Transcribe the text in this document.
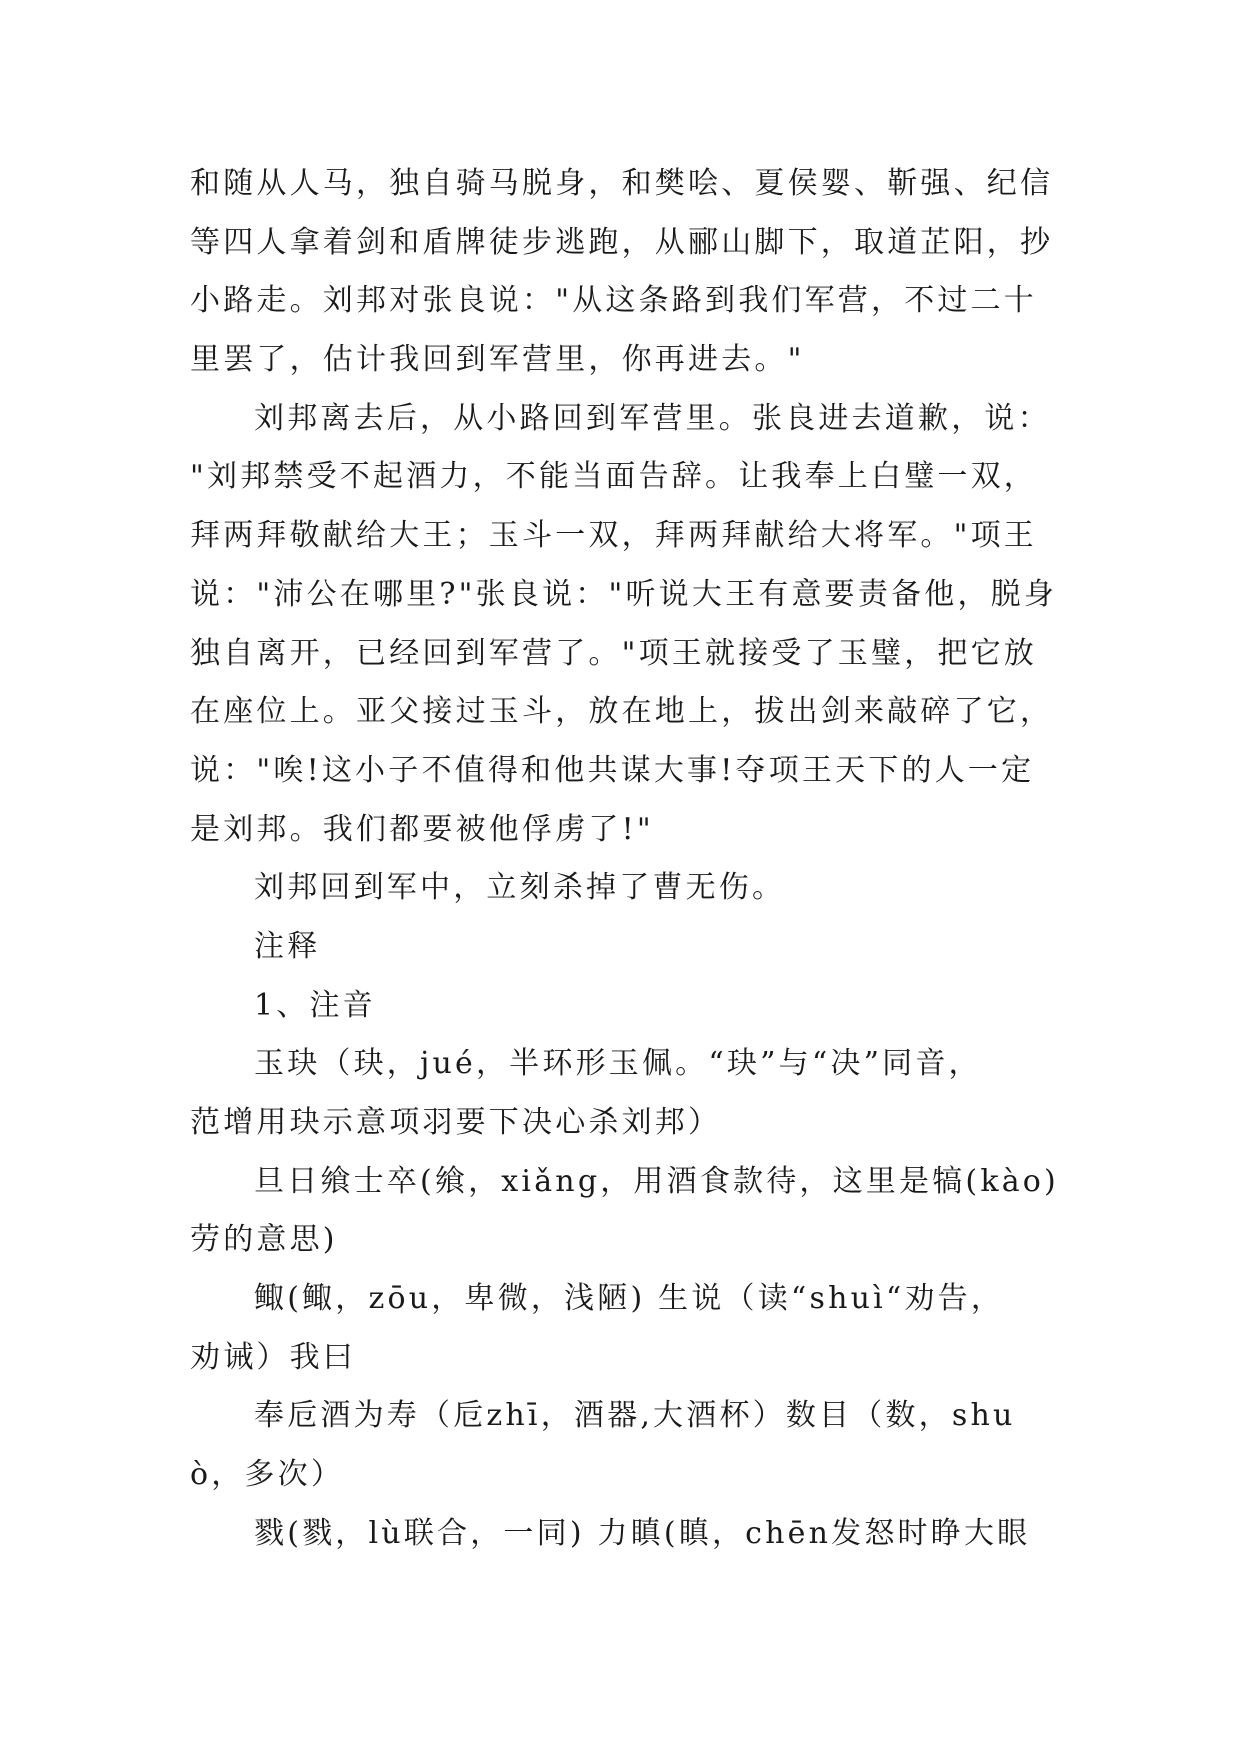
和随从人马，独自骑马脱身，和樊哙、夏侯婴、靳强、纪信
等四人拿着剑和盾牌徒步逃跑，从郦山脚下，取道芷阳，抄
小路走。刘邦对张良说："从这条路到我们军营，不过二十
里罢了，估计我回到军营里，你再进去。"
刘邦离去后，从小路回到军营里。张良进去道歉，说：
"刘邦禁受不起酒力，不能当面告辞。让我奉上白璧一双，
拜两拜敬献给大王；玉斗一双，拜两拜献给大将军。"项王
说："沛公在哪里?"张良说："听说大王有意要责备他，脱身
独自离开，已经回到军营了。"项王就接受了玉璧，把它放
在座位上。亚父接过玉斗，放在地上，拔出剑来敲碎了它，
说："唉!这小子不值得和他共谋大事!夺项王天下的人一定
是刘邦。我们都要被他俘虏了!"
刘邦回到军中，立刻杀掉了曹无伤。
注释
1、注音
玉玦（玦，jué，半环形玉佩。“玦”与“决”同音，
范增用玦示意项羽要下决心杀刘邦）
旦日飨士卒(飨，xiǎng，用酒食款待，这里是犒(kào)
劳的意思)
鲰(鲰，zōu，卑微，浅陋) 生说（读“shuì“劝告，
劝诫）我曰
奉卮酒为寿（卮zhī，酒器,大酒杯）数目（数，shu
ò，多次）
戮(戮，lù联合，一同) 力瞋(瞋，chēn发怒时睁大眼
